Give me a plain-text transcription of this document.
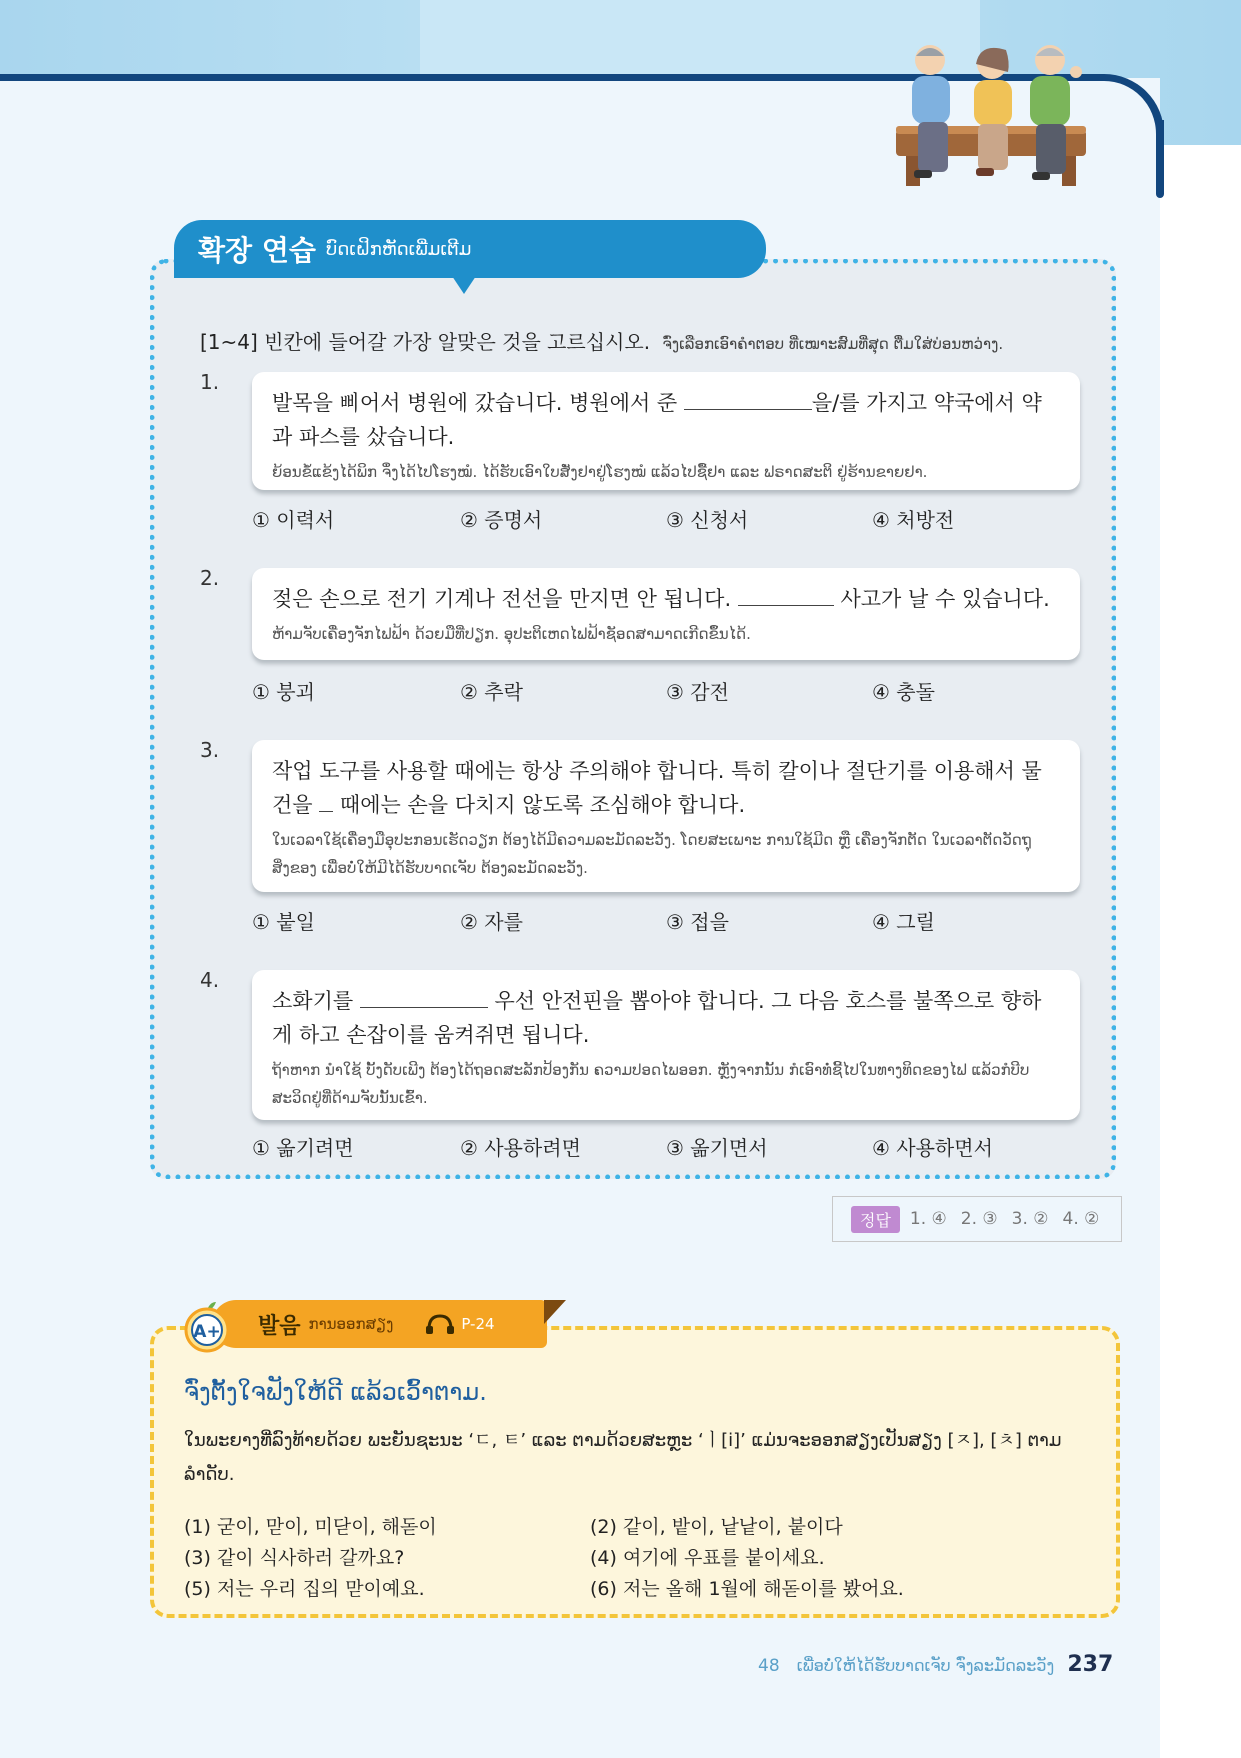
확장 연습 ບົດເຝິກຫັດເພີ່ມເຕີມ
[1~4] 빈칸에 들어갈 가장 알맞은 것을 고르십시오. ຈົ່ງເລືອກເອົາຄຳຕອບ ທີ່ເໝາະສົມທີ່ສຸດ ຕື່ມໃສ່ບ່ອນຫວ່າງ.
1.
발목을 삐어서 병원에 갔습니다. 병원에서 준	을/를 가지고 약국에서 약과 파스를 샀습니다.
ຍ້ອນຂໍ້ແຂ້ງໄດ້ພິກ ຈຶ່ງໄດ້ໄປໂຮງໝໍ. ໄດ້ຮັບເອົາໃບສັ່ງຢາຢູ່ໂຮງໝໍ ແລ້ວໄປຊື້ຢາ ແລະ ຟຣາດສະຕິ ຢູ່ຮ້ານຂາຍຢາ.
① 이력서	② 증명서	③ 신청서	④ 처방전
2.
젖은 손으로 전기 기계나 전선을 만지면 안 됩니다.	사고가 날 수 있습니다.
ຫ້າມຈັບເຄື່ອງຈັກໄຟຟ້າ ດ້ວຍມືທີ່ປຽກ. ອຸປະຕິເຫດໄຟຟ້າຊັອດສາມາດເກີດຂຶ້ນໄດ້.
① 붕괴	② 추락	③ 감전	④ 충돌
3.
작업 도구를 사용할 때에는 항상 주의해야 합니다. 특히 칼이나 절단기를 이용해서 물건을  때에는 손을 다치지 않도록 조심해야 합니다.
ໃນເວລາໃຊ້ເຄື່ອງມືອຸປະກອນເຮັດວຽກ ຕ້ອງໄດ້ມີຄວາມລະມັດລະວັງ. ໂດຍສະເພາະ ການໃຊ້ມີດ ຫຼື ເຄື່ອງຈັກຕັດ ໃນເວລາຕັດວັດຖຸສິ່ງຂອງ ເພື່ອບໍ່ໃຫ້ມີໄດ້ຮັບບາດເຈັບ ຕ້ອງລະມັດລະວັງ.
① 붙일	② 자를	③ 접을	④ 그릴
4.
소화기를	우선 안전핀을 뽑아야 합니다. 그 다음 호스를 불쪽으로 향하게 하고 손잡이를 움켜쥐면 됩니다.
ຖ້າຫາກ ນຳໃຊ້ ບັ້ງດັບເພີງ ຕ້ອງໄດ້ຖອດສະລັກປ້ອງກັນ ຄວາມປອດໄພອອກ. ຫຼັງຈາກນັ້ນ ກໍເອົາທໍ່ຊີ້ໄປໃນທາງທິດຂອງໄຟ ແລ້ວກໍບີບ ສະວິດຢູ່ທີ່ດ້າມຈັບນັ້ນເຂົ້າ.
① 옮기려면	② 사용하려면	③ 옮기면서	④ 사용하면서
정답	1. ④ 2. ③ 3. ② 4. ②
발음 ການອອກສຽງ	P-24
A+
ຈົ່ງຕັ້ງໃຈຟັງໃຫ້ດີ ແລ້ວເວົ້າຕາມ.
ໃນພະຍາງທີ່ລົງທ້າຍດ້ວຍ ພະຍັນຊະນະ ‘ㄷ, ㅌ’ ແລະ ຕາມດ້ວຍສະຫຼະ ‘ㅣ[i]’ ແມ່ນຈະອອກສຽງເປັນສຽງ [ㅈ], [ㅊ] ຕາມລຳດັບ.
(1) 굳이, 맏이, 미닫이, 해돋이	(2) 같이, 밭이, 낱낱이, 붙이다
(3) 같이 식사하러 갈까요?	(4) 여기에 우표를 붙이세요.
(5) 저는 우리 집의 맏이예요.	(6) 저는 올해 1월에 해돋이를 봤어요.
48 ເພື່ອບໍ່ໃຫ້ໄດ້ຮັບບາດເຈັບ ຈົ່ງລະມັດລະວັງ 237
